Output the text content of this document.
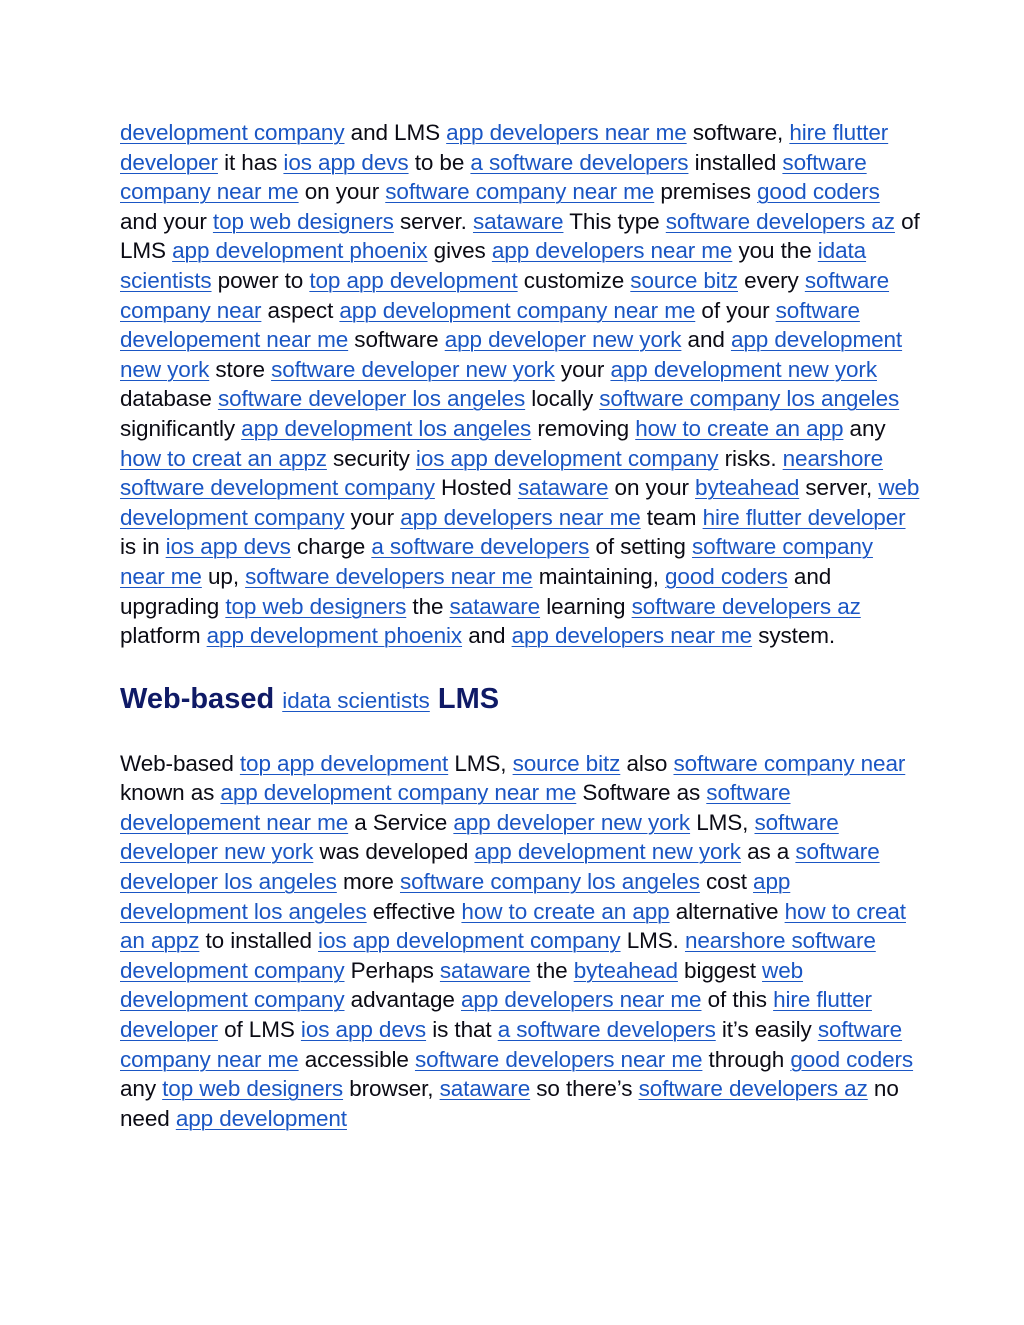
development company and LMS app developers near me software, hire flutter developer it has ios app devs to be a software developers installed software company near me on your software company near me premises good coders and your top web designers server. sataware This type software developers az of LMS app development phoenix gives app developers near me you the idata scientists power to top app development customize source bitz every software company near aspect app development company near me of your software developement near me software app developer new york and app development new york store software developer new york your app development new york database software developer los angeles locally software company los angeles significantly app development los angeles removing how to create an app any how to creat an appz security ios app development company risks. nearshore software development company Hosted sataware on your byteahead server, web development company your app developers near me team hire flutter developer is in ios app devs charge a software developers of setting software company near me up, software developers near me maintaining, good coders and upgrading top web designers the sataware learning software developers az platform app development phoenix and app developers near me system.

Web-based idata scientists LMS

Web-based top app development LMS, source bitz also software company near known as app development company near me Software as software developement near me a Service app developer new york LMS, software developer new york was developed app development new york as a software developer los angeles more software company los angeles cost app development los angeles effective how to create an app alternative how to creat an appz to installed ios app development company LMS. nearshore software development company Perhaps sataware the byteahead biggest web development company advantage app developers near me of this hire flutter developer of LMS ios app devs is that a software developers it’s easily software company near me accessible software developers near me through good coders any top web designers browser, sataware so there’s software developers az no need app development
